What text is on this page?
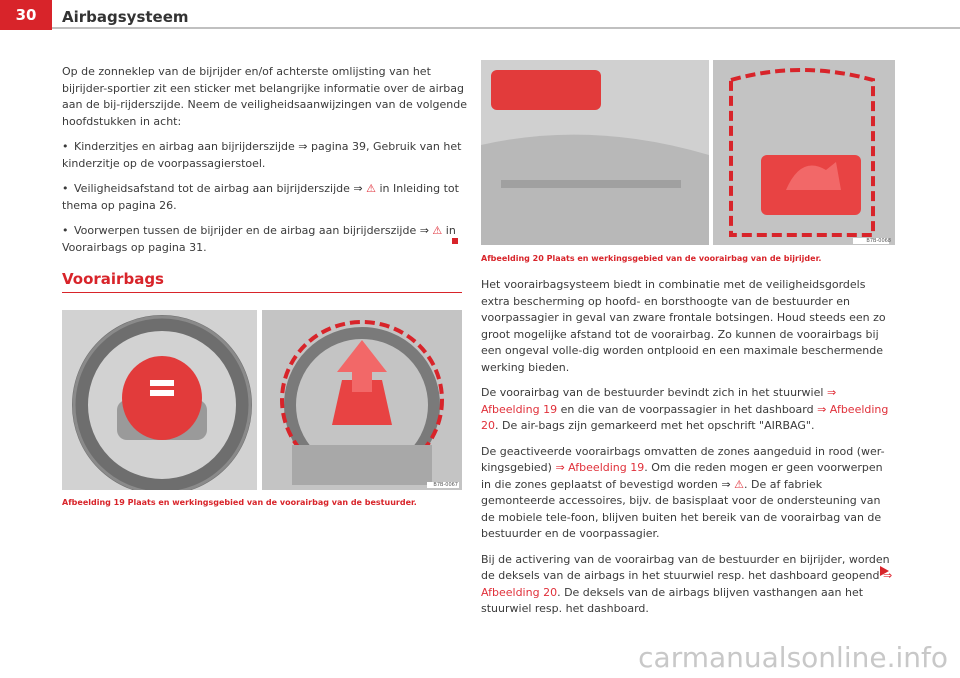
30	Airbagsysteem

Op de zonneklep van de bijrijder en/of achterste omlijsting van het bijrijder-sportier zit een sticker met belangrijke informatie over de airbag aan de bij-rijderszijde. Neem de veiligheidsaanwijzingen van de volgende hoofdstukken in acht:

• Kinderzitjes en airbag aan bijrijderszijde ⇒ pagina 39, Gebruik van het kinderzitje op de voorpassagierstoel.

• Veiligheidsafstand tot de airbag aan bijrijderszijde ⇒ ⚠ in Inleiding tot thema op pagina 26.

• Voorwerpen tussen de bijrijder en de airbag aan bijrijderszijde ⇒ ⚠ in Voorairbags op pagina 31.

Voorairbags
B7B-0067
Afbeelding 19 Plaats en werkingsgebied van de voorairbag van de bestuurder.
B7B-0068
Afbeelding 20 Plaats en werkingsgebied van de voorairbag van de bijrijder.

Het voorairbagsysteem biedt in combinatie met de veiligheidsgordels extra bescherming op hoofd- en borsthoogte van de bestuurder en voorpassagier in geval van zware frontale botsingen. Houd steeds een zo groot mogelijke afstand tot de voorairbag. Zo kunnen de voorairbags bij een ongeval volle-dig worden ontplooid en een maximale beschermende werking bieden.

De voorairbag van de bestuurder bevindt zich in het stuurwiel ⇒ Afbeelding 19 en die van de voorpassagier in het dashboard ⇒ Afbeelding 20. De air-bags zijn gemarkeerd met het opschrift "AIRBAG".

De geactiveerde voorairbags omvatten de zones aangeduid in rood (wer-kingsgebied) ⇒ Afbeelding 19. Om die reden mogen er geen voorwerpen in die zones geplaatst of bevestigd worden ⇒ ⚠. De af fabriek gemonteerde accessoires, bijv. de basisplaat voor de ondersteuning van de mobiele tele-foon, blijven buiten het bereik van de voorairbag van de bestuurder en de voorpassagier.

Bij de activering van de voorairbag van de bestuurder en bijrijder, worden de deksels van de airbags in het stuurwiel resp. het dashboard geopend ⇒ Afbeelding 20. De deksels van de airbags blijven vasthangen aan het stuurwiel resp. het dashboard.

carmanualsonline.info
